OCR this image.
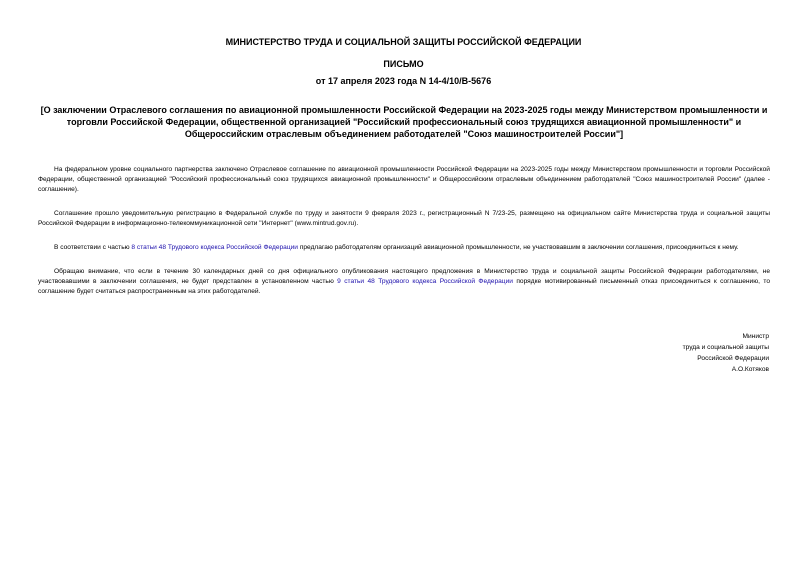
МИНИСТЕРСТВО ТРУДА И СОЦИАЛЬНОЙ ЗАЩИТЫ РОССИЙСКОЙ ФЕДЕРАЦИИ
ПИСЬМО
от 17 апреля 2023 года N 14-4/10/В-5676
[О заключении Отраслевого соглашения по авиационной промышленности Российской Федерации на 2023-2025 годы между Министерством промышленности и торговли Российской Федерации, общественной организацией "Российский профессиональный союз трудящихся авиационной промышленности" и Общероссийским отраслевым объединением работодателей "Союз машиностроителей России"]

На федеральном уровне социального партнерства заключено Отраслевое соглашение по авиационной промышленности Российской Федерации на 2023-2025 годы между Министерством промышленности и торговли Российской Федерации, общественной организацией "Российский профессиональный союз трудящихся авиационной промышленности" и Общероссийским отраслевым объединением работодателей "Союз машиностроителей России" (далее - соглашение).

Соглашение прошло уведомительную регистрацию в Федеральной службе по труду и занятости 9 февраля 2023 г., регистрационный N 7/23-25, размещено на официальном сайте Министерства труда и социальной защиты Российской Федерации в информационно-телекоммуникационной сети "Интернет" (www.mintrud.gov.ru).

В соответствии с частью 8 статьи 48 Трудового кодекса Российской Федерации предлагаю работодателям организаций авиационной промышленности, не участвовавшим в заключении соглашения, присоединиться к нему.

Обращаю внимание, что если в течение 30 календарных дней со дня официального опубликования настоящего предложения в Министерство труда и социальной защиты Российской Федерации работодателями, не участвовавшими в заключении соглашения, не будет представлен в установленном частью 9 статьи 48 Трудового кодекса Российской Федерации порядке мотивированный письменный отказ присоединиться к соглашению, то соглашение будет считаться распространенным на этих работодателей.

Министр
труда и социальной защиты
Российской Федерации
А.О.Котяков
